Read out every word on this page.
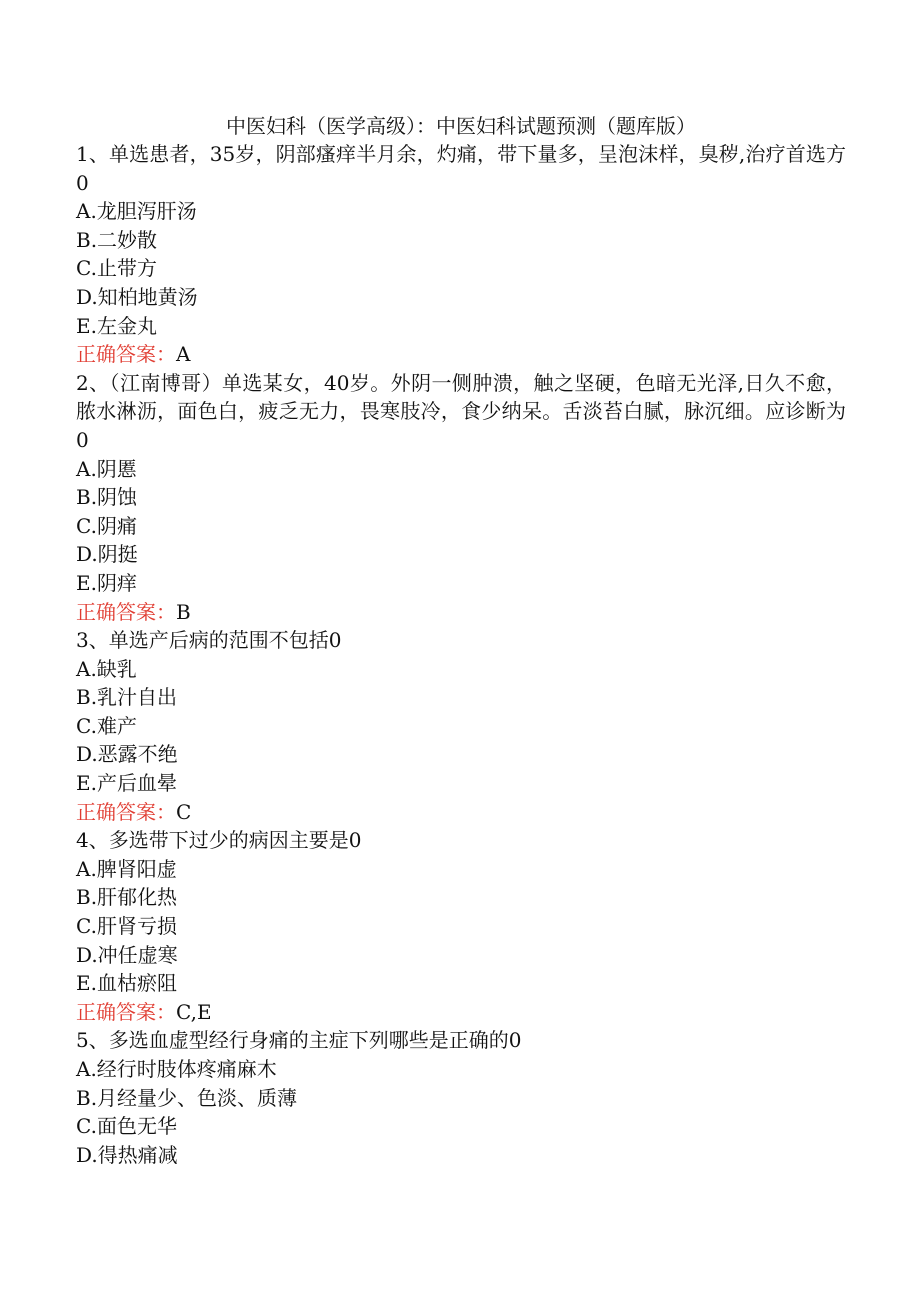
中医妇科（医学高级）：中医妇科试题预测（题库版）

1、单选患者，35岁，阴部瘙痒半月余，灼痛，带下量多，呈泡沫样，臭秽,治疗首选方0

A.龙胆泻肝汤

B.二妙散

C.止带方

D.知柏地黄汤

E.左金丸

正确答案：A

2、（江南博哥）单选某女，40岁。外阴一侧肿溃，触之坚硬，色暗无光泽,日久不愈，脓水淋沥，面色白，疲乏无力，畏寒肢冷，食少纳呆。舌淡苔白腻，脉沉细。应诊断为0

A.阴慝

B.阴蚀

C.阴痛

D.阴挺

E.阴痒

正确答案：B

3、单选产后病的范围不包括0

A.缺乳

B.乳汁自出

C.难产

D.恶露不绝

E.产后血晕

正确答案：C

4、多选带下过少的病因主要是0

A.脾肾阳虚

B.肝郁化热

C.肝肾亏损

D.冲任虚寒

E.血枯瘀阻

正确答案：C,E

5、多选血虚型经行身痛的主症下列哪些是正确的0

A.经行时肢体疼痛麻木

B.月经量少、色淡、质薄

C.面色无华

D.得热痛减
